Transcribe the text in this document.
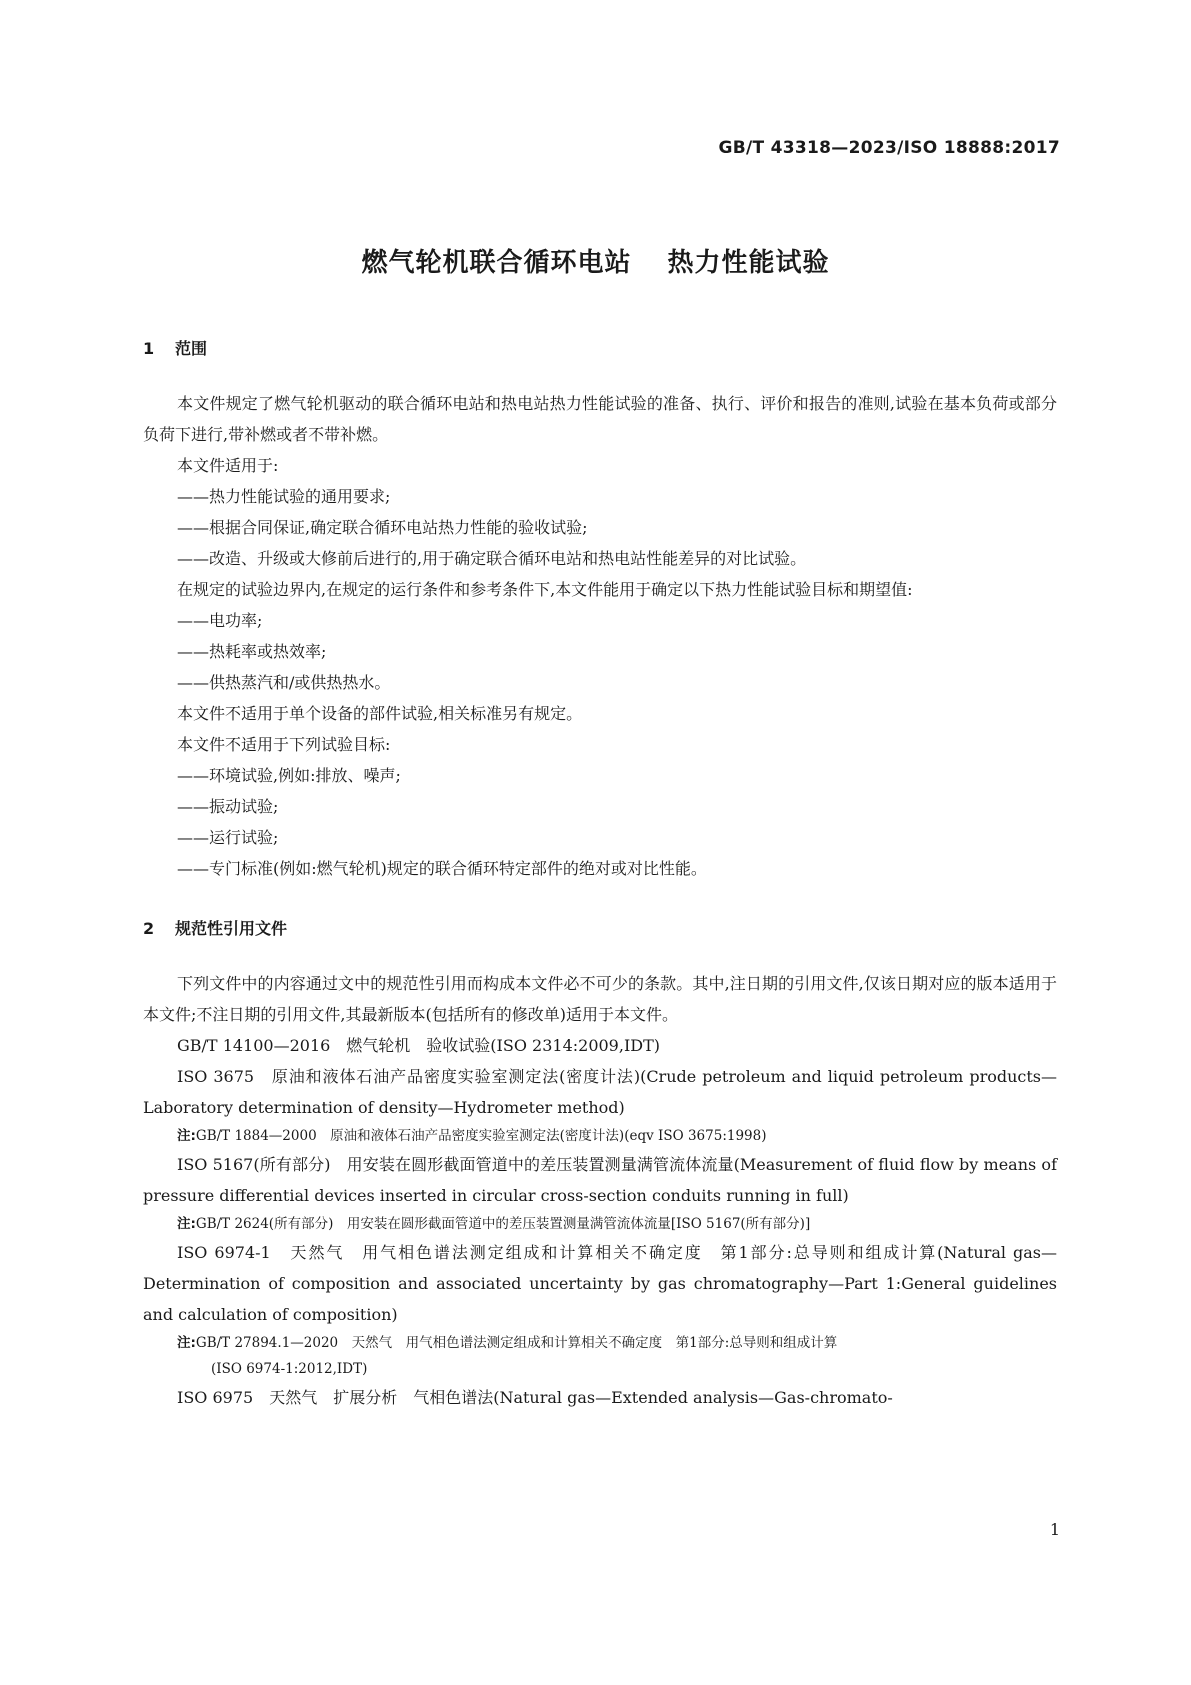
GB/T 43318—2023/ISO 18888:2017
燃气轮机联合循环电站 热力性能试验
1 范围
本文件规定了燃气轮机驱动的联合循环电站和热电站热力性能试验的准备、执行、评价和报告的准则,试验在基本负荷或部分负荷下进行,带补燃或者不带补燃。
本文件适用于:
——热力性能试验的通用要求;
——根据合同保证,确定联合循环电站热力性能的验收试验;
——改造、升级或大修前后进行的,用于确定联合循环电站和热电站性能差异的对比试验。
在规定的试验边界内,在规定的运行条件和参考条件下,本文件能用于确定以下热力性能试验目标和期望值:
——电功率;
——热耗率或热效率;
——供热蒸汽和/或供热热水。
本文件不适用于单个设备的部件试验,相关标准另有规定。
本文件不适用于下列试验目标:
——环境试验,例如:排放、噪声;
——振动试验;
——运行试验;
——专门标准(例如:燃气轮机)规定的联合循环特定部件的绝对或对比性能。
2 规范性引用文件
下列文件中的内容通过文中的规范性引用而构成本文件必不可少的条款。其中,注日期的引用文件,仅该日期对应的版本适用于本文件;不注日期的引用文件,其最新版本(包括所有的修改单)适用于本文件。
GB/T 14100—2016　燃气轮机　验收试验(ISO 2314:2009,IDT)
ISO 3675　原油和液体石油产品密度实验室测定法(密度计法)(Crude petroleum and liquid petroleum products—Laboratory determination of density—Hydrometer method)
注:GB/T 1884—2000　原油和液体石油产品密度实验室测定法(密度计法)(eqv ISO 3675:1998)
ISO 5167(所有部分)　用安装在圆形截面管道中的差压装置测量满管流体流量(Measurement of fluid flow by means of pressure differential devices inserted in circular cross-section conduits running in full)
注:GB/T 2624(所有部分)　用安装在圆形截面管道中的差压装置测量满管流体流量[ISO 5167(所有部分)]
ISO 6974-1　天然气　用气相色谱法测定组成和计算相关不确定度　第1部分:总导则和组成计算(Natural gas—Determination of composition and associated uncertainty by gas chromatography—Part 1:General guidelines and calculation of composition)
注:GB/T 27894.1—2020　天然气　用气相色谱法测定组成和计算相关不确定度　第1部分:总导则和组成计算
(ISO 6974-1:2012,IDT)
ISO 6975　天然气　扩展分析　气相色谱法(Natural gas—Extended analysis—Gas-chromato-
1
